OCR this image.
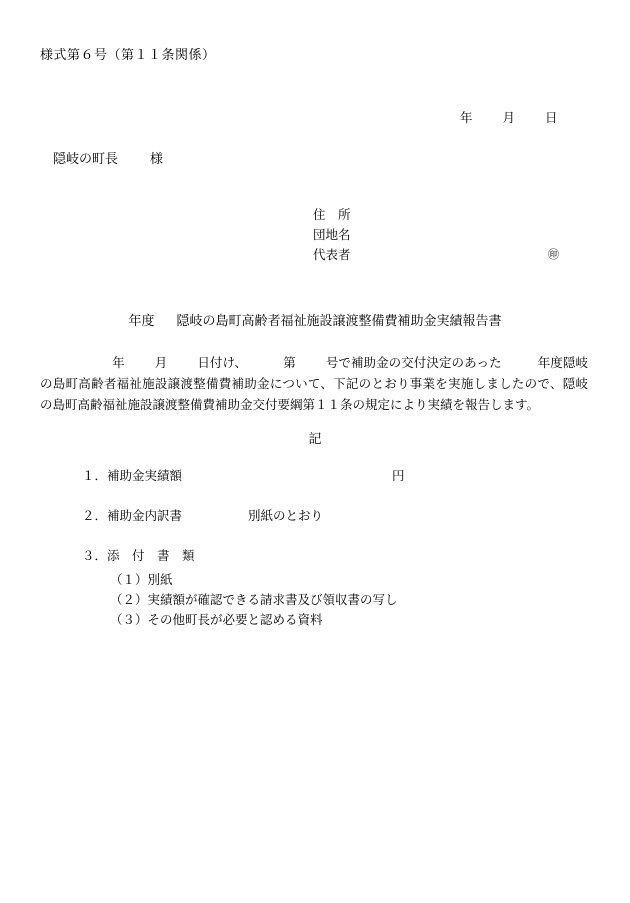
様式第６号（第１１条関係）
年 月 日
隠岐の町長 様
住　所
団地名
代表者	㊞
年度 隠岐の島町高齢者福祉施設譲渡整備費補助金実績報告書
年 月 日付け、	第 号で補助金の交付決定のあった	年度隠岐の島町高齢者福祉施設譲渡整備費補助金について、下記のとおり事業を実施しましたので、隠岐の島町高齢福祉施設譲渡整備費補助金交付要綱第１１条の規定により実績を報告します。
記
１．補助金実績額	円
２．補助金内訳書	別紙のとおり
３．添　付　書　類
（１）別紙
（２）実績額が確認できる請求書及び領収書の写し
（３）その他町長が必要と認める資料
